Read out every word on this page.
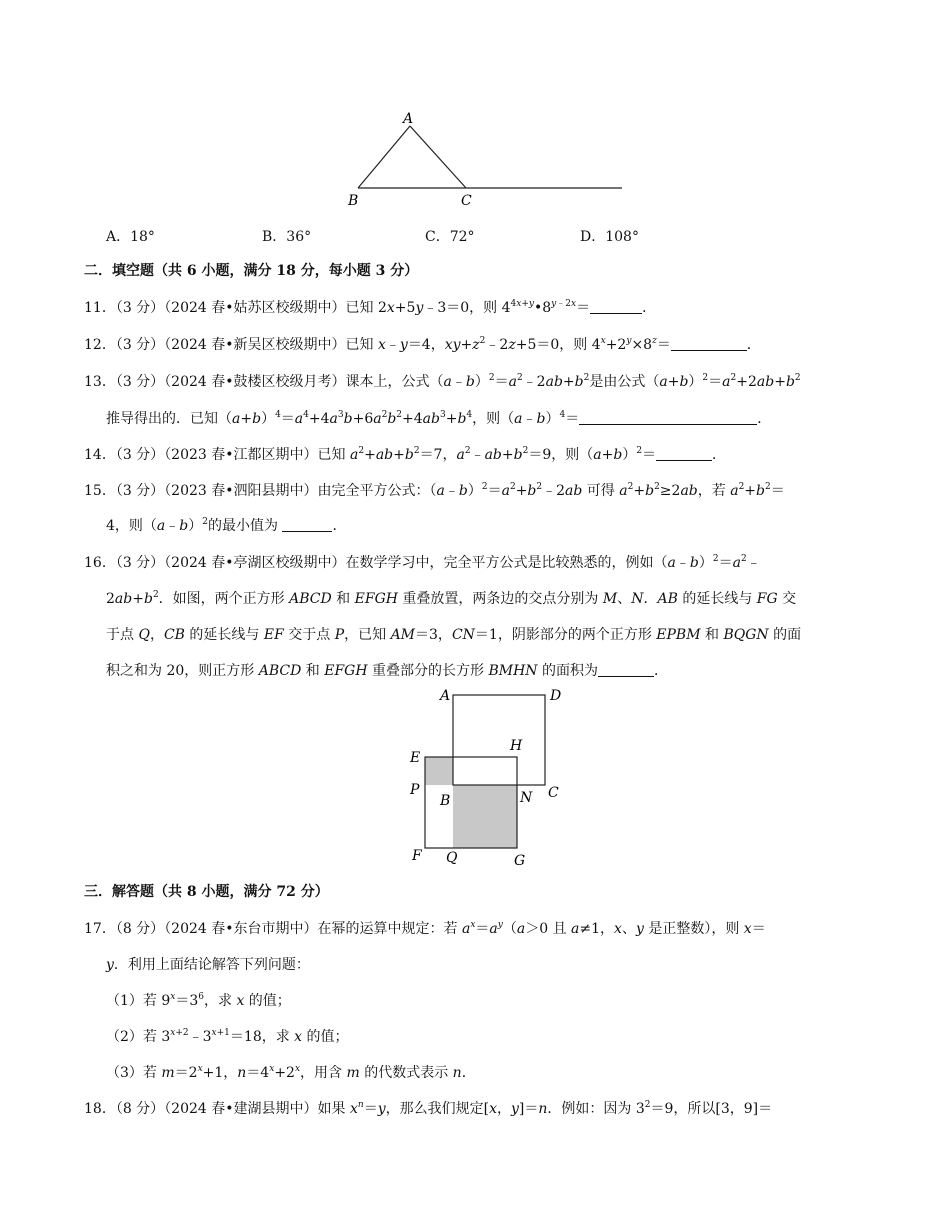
A
B	C
A．18°	B．36°	C．72°	D．108°
二．填空题（共 6 小题，满分 18 分，每小题 3 分）
11．（3 分）（2024 春•姑苏区校级期中）已知 2x+5y﹣3＝0，则 $4^{4x+y}•8^{y﹣2x}=$	．
12．（3 分）（2024 春•新吴区校级期中）已知 x﹣y＝4，$xy+z^2﹣2z+5=0$，则 $4^x+2^y\times 8^z=$	．
13．（3 分）（2024 春•鼓楼区校级月考）课本上，公式$(a﹣b)^2=a^2﹣2ab+b^2$是由公式$(a+b)^2=a^2+2ab+b^2$
推导得出的．已知$(a+b)^4=a^4+4a^3b+6a^2b^2+4ab^3+b^4$，则（a﹣b）$^4$＝	．
14．（3 分）（2023 春•江都区期中）已知 $a^2+ab+b^2=7$，$a^2﹣ab+b^2=9$，则$(a+b)^2=$	．
15．（3 分）（2023 春•泗阳县期中）由完全平方公式：$(a﹣b)^2=a^2+b^2﹣2ab$ 可得 $a^2+b^2\ge 2ab$，若 $a^2+b^2=$
4，则（a﹣b）$^2$的最小值为	．
16．（3 分）（2024 春•亭湖区校级期中）在数学学习中，完全平方公式是比较熟悉的，例如$(a﹣b)^2=a^2﹣$
$2ab+b^2$．如图，两个正方形 ABCD 和 EFGH 重叠放置，两条边的交点分别为 M、N．AB 的延长线与 FG 交
于点 Q，CB 的延长线与 EF 交于点 P，已知 AM＝3，CN＝1，阴影部分的两个正方形 EPBM 和 BQGN 的面
积之和为 20，则正方形 ABCD 和 EFGH 重叠部分的长方形 BMHN 的面积为	．
A	D
E
H
P
B	N C
F Q	G
三．解答题（共 8 小题，满分 72 分）
17．（8 分）（2024 春•东台市期中）在幂的运算中规定：若 $a^x=a^y(a>0$ 且 a≠1，x、y 是正整数），则 x＝
y．利用上面结论解答下列问题：
（1）若 $9^x=3^6$，求 x 的值；
（2）若 $3^{x+2}﹣3^{x+1}=18$，求 x 的值；
（3）若 $m=2^x+1$，$n=4^x+2^x$，用含 m 的代数式表示 n．
18．（8 分）（2024 春•建湖县期中）如果 $x^n=y$，那么我们规定[x，y]＝n．例如：因为 $3^2=9$，所以[3，9]＝
